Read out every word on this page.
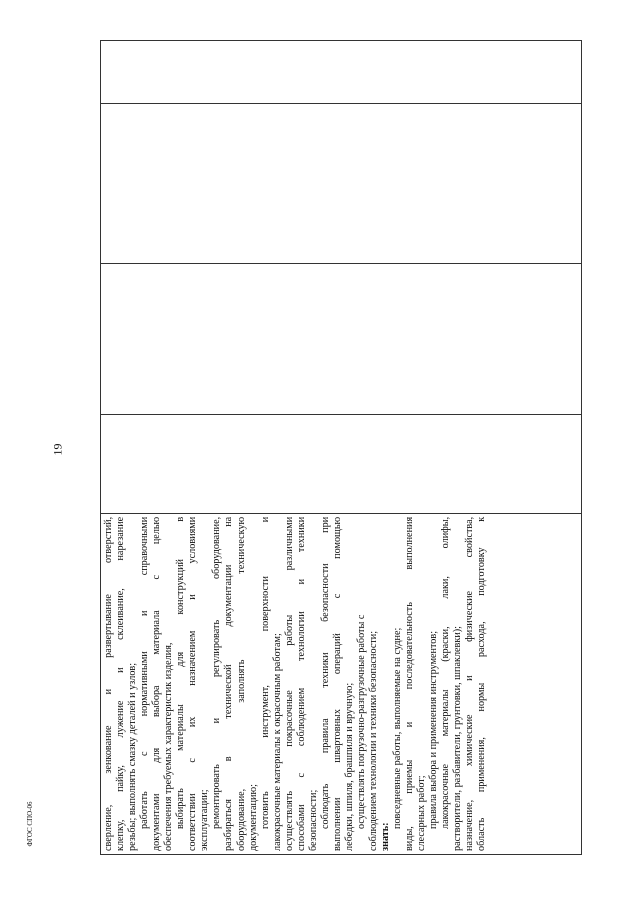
19
ФГОС СПО-06	сверление, зенкование и развертывание отверстий, клепку, пайку, лужение и склеивание, нарезание резьбы; выполнять смазку деталей и узлов; работать с нормативными и справочными документами для выбора материала с целью обеспечения требуемых характеристик изделия, выбирать материалы для конструкций в соответствии с их назначением и условиями эксплуатации; ремонтировать и регулировать оборудование, разбираться в технической документации на оборудование, заполнять техническую документацию; готовить инструмент, поверхности и лакокрасочные материалы к окрасочным работам; осуществлять покрасочные работы различными способами с соблюдением технологии и техники безопасности; соблюдать правила техники безопасности при выполнении швартовных операций с помощью лебедки, шпиля, брашпиля и вручную; осуществлять погрузочно-разгрузочные работы с соблюдением технологии и техники безопасности; знать:
повседневные работы, выполняемые на судне; виды, приемы и последовательность выполнения слесарных работ; правила выбора и применения инструментов; лакокрасочные материалы (краски, лаки, олифы, растворители, разбавители, грунтовки, шпаклевки); назначение, химические и физические свойства, область применения, нормы расхода, подготовку к
